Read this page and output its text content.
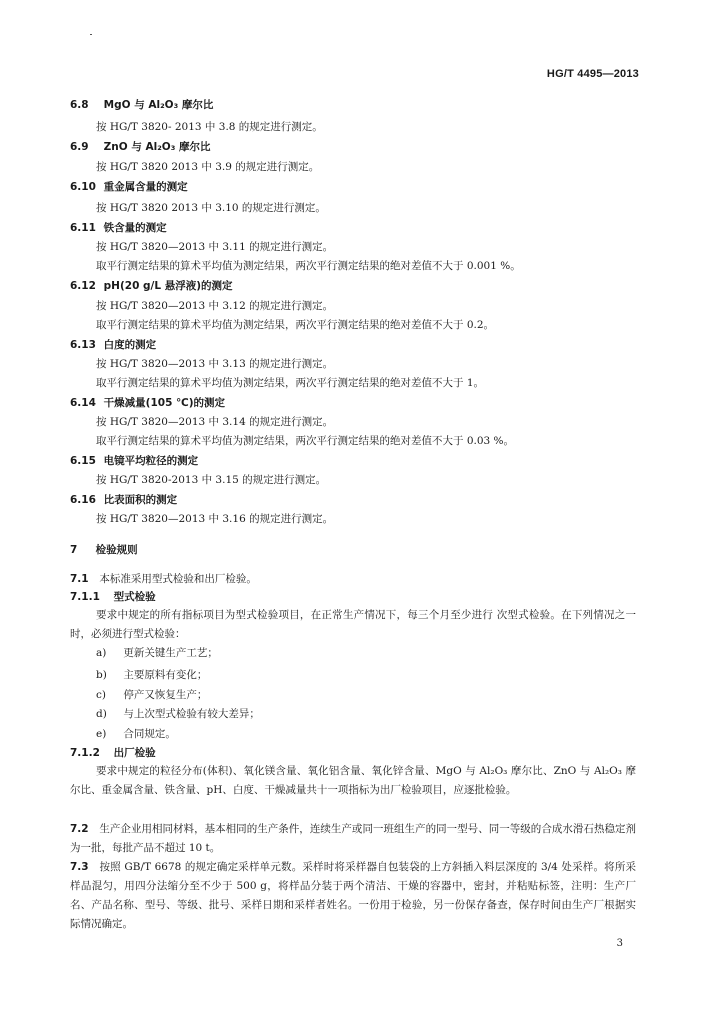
HG/T 4495—2013
6.8 MgO 与 Al₂O₃ 摩尔比
按 HG/T 3820- 2013 中 3.8 的规定进行测定。
6.9 ZnO 与 Al₂O₃ 摩尔比
按 HG/T 3820 2013 中 3.9 的规定进行测定。
6.10 重金属含量的测定
按 HG/T 3820 2013 中 3.10 的规定进行测定。
6.11 铁含量的测定
按 HG/T 3820—2013 中 3.11 的规定进行测定。
取平行测定结果的算术平均值为测定结果，两次平行测定结果的绝对差值不大于 0.001 %。
6.12 pH(20 g/L 悬浮液)的测定
按 HG/T 3820—2013 中 3.12 的规定进行测定。
取平行测定结果的算术平均值为测定结果，两次平行测定结果的绝对差值不大于 0.2。
6.13 白度的测定
按 HG/T 3820—2013 中 3.13 的规定进行测定。
取平行测定结果的算术平均值为测定结果，两次平行测定结果的绝对差值不大于 1。
6.14 干燥减量(105 ℃)的测定
按 HG/T 3820—2013 中 3.14 的规定进行测定。
取平行测定结果的算术平均值为测定结果，两次平行测定结果的绝对差值不大于 0.03 %。
6.15 电镜平均粒径的测定
按 HG/T 3820-2013 中 3.15 的规定进行测定。
6.16 比表面积的测定
按 HG/T 3820—2013 中 3.16 的规定进行测定。
7 检验规则
7.1 本标准采用型式检验和出厂检验。
7.1.1 型式检验
要求中规定的所有指标项目为型式检验项目，在正常生产情况下，每三个月至少进行 次型式检验。在下列情况之一时，必须进行型式检验：
a) 更新关键生产工艺；
b) 主要原料有变化；
c) 停产又恢复生产；
d) 与上次型式检验有较大差异；
e) 合同规定。
7.1.2 出厂检验
要求中规定的粒径分布(体积)、氧化镁含量、氧化铝含量、氧化锌含量、MgO 与 Al₂O₃ 摩尔比、ZnO 与 Al₂O₃ 摩尔比、重金属含量、铁含量、pH、白度、干燥减量共十一项指标为出厂检验项目，应逐批检验。
7.2 生产企业用相同材料，基本相同的生产条件，连续生产或同一班组生产的同一型号、同一等级的合成水滑石热稳定剂为一批，每批产品不超过 10 t。
7.3 按照 GB/T 6678 的规定确定采样单元数。采样时将采样器自包装袋的上方斜插入料层深度的 3/4 处采样。将所采样品混匀，用四分法缩分至不少于 500 g，将样品分装于两个清洁、干燥的容器中，密封，并粘贴标签，注明：生产厂名、产品名称、型号、等级、批号、采样日期和采样者姓名。一份用于检验，另一份保存备查，保存时间由生产厂根据实际情况确定。
3
